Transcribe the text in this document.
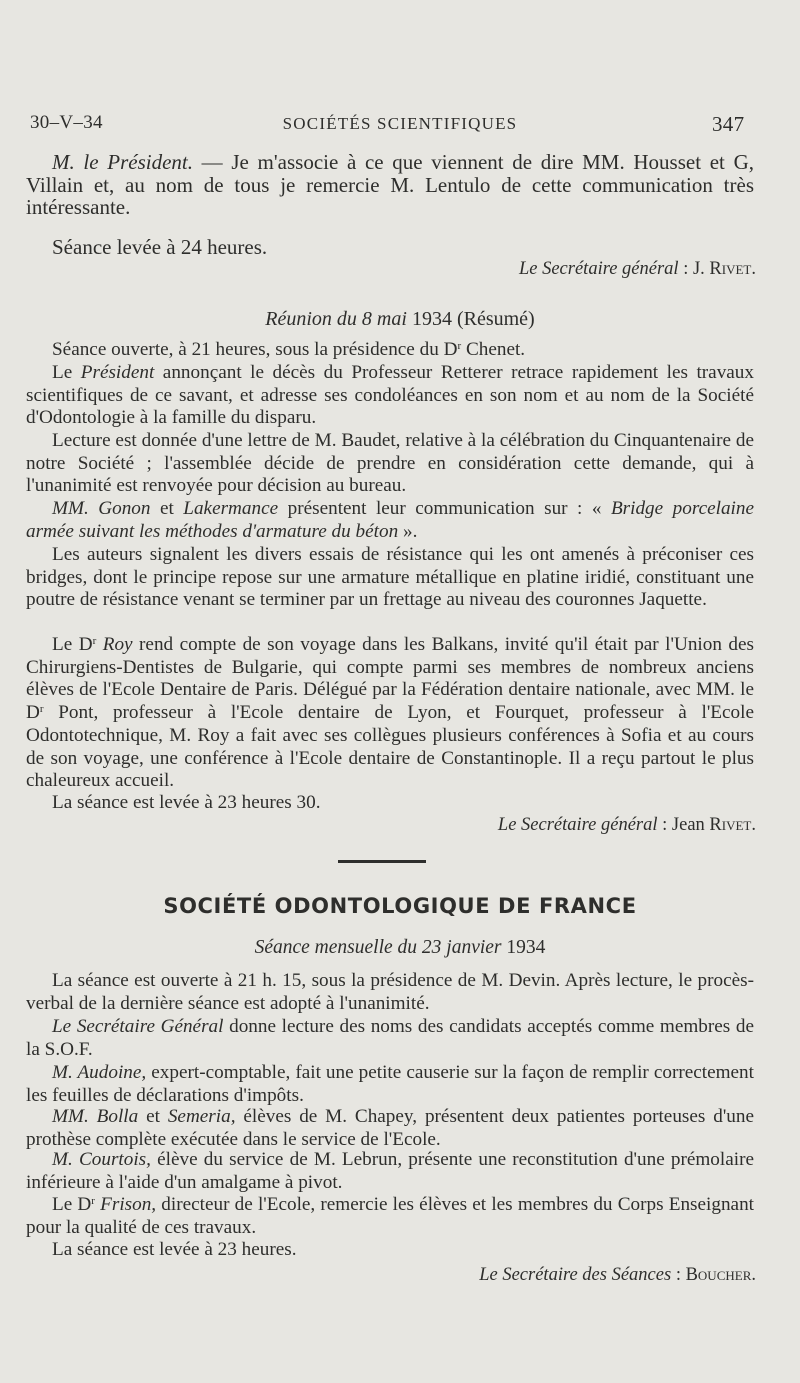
30–V–34	SOCIÉTÉS SCIENTIFIQUES	347

M. le Président. — Je m'associe à ce que viennent de dire MM. Housset et G, Villain et, au nom de tous je remercie M. Lentulo de cette communication très intéressante.

Séance levée à 24 heures.

Le Secrétaire général : J. Rivet.
Réunion du 8 mai 1934 (Résumé)

Séance ouverte, à 21 heures, sous la présidence du $D^r$ Chenet.

Le Président annonçant le décès du Professeur Retterer retrace rapidement les travaux scientifiques de ce savant, et adresse ses condoléances en son nom et au nom de la Société d'Odontologie à la famille du disparu.

Lecture est donnée d'une lettre de M. Baudet, relative à la célébration du Cinquantenaire de notre Société ; l'assemblée décide de prendre en considération cette demande, qui à l'unanimité est renvoyée pour décision au bureau.

MM. Gonon et Lakermance présentent leur communication sur : « Bridge porcelaine armée suivant les méthodes d'armature du béton ».

Les auteurs signalent les divers essais de résistance qui les ont amenés à préconiser ces bridges, dont le principe repose sur une armature métallique en platine iridié, constituant une poutre de résistance venant se terminer par un frettage au niveau des couronnes Jaquette.

Le $D^r$ Roy rend compte de son voyage dans les Balkans, invité qu'il était par l'Union des Chirurgiens-Dentistes de Bulgarie, qui compte parmi ses membres de nombreux anciens élèves de l'Ecole Dentaire de Paris. Délégué par la Fédération dentaire nationale, avec MM. le $D^r$ Pont, professeur à l'Ecole dentaire de Lyon, et Fourquet, professeur à l'Ecole Odontotechnique, M. Roy a fait avec ses collègues plusieurs conférences à Sofia et au cours de son voyage, une conférence à l'Ecole dentaire de Constantinople. Il a reçu partout le plus chaleureux accueil.

La séance est levée à 23 heures 30.

Le Secrétaire général : Jean Rivet.
SOCIÉTÉ ODONTOLOGIQUE DE FRANCE
Séance mensuelle du 23 janvier 1934

La séance est ouverte à 21 h. 15, sous la présidence de M. Devin. Après lecture, le procès-verbal de la dernière séance est adopté à l'unanimité.

Le Secrétaire Général donne lecture des noms des candidats acceptés comme membres de la S.O.F.

M. Audoine, expert-comptable, fait une petite causerie sur la façon de remplir correctement les feuilles de déclarations d'impôts.

MM. Bolla et Semeria, élèves de M. Chapey, présentent deux patientes porteuses d'une prothèse complète exécutée dans le service de l'Ecole.

M. Courtois, élève du service de M. Lebrun, présente une reconstitution d'une prémolaire inférieure à l'aide d'un amalgame à pivot.

Le $D^r$ Frison, directeur de l'Ecole, remercie les élèves et les membres du Corps Enseignant pour la qualité de ces travaux.

La séance est levée à 23 heures.

Le Secrétaire des Séances : Boucher.
